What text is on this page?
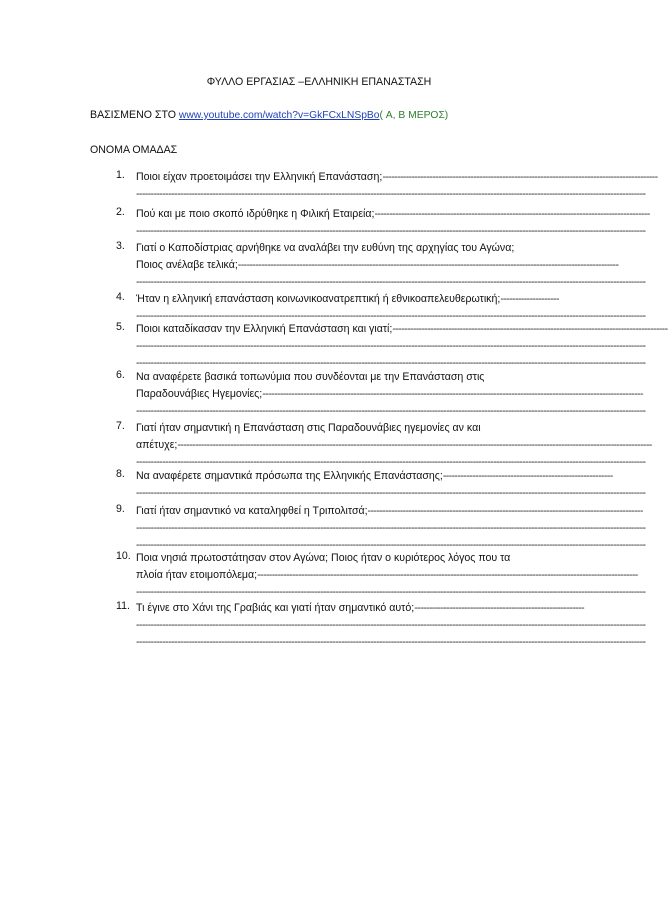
ΦΥΛΛΟ ΕΡΓΑΣΙΑΣ –ΕΛΛΗΝΙΚΗ ΕΠΑΝΑΣΤΑΣΗ
ΒΑΣΙΣΜΕΝΟ ΣΤΟ www.youtube.com/watch?v=GkFCxLNSpBo( Α, Β ΜΕΡΟΣ)
ΟΝΟΜΑ ΟΜΑΔΑΣ
1. Ποιοι είχαν προετοιμάσει την Ελληνική Επανάσταση;----------------------------------------------------------------------------------------------
------------------------------------------------------------------------------------------------------------------------------------------------------------------------------
2. Πού και με ποιο σκοπό ιδρύθηκε η Φιλική Εταιρεία;----------------------------------------------------------------------------------------------
------------------------------------------------------------------------------------------------------------------------------------------------------------------------------
3. Γιατί ο Καποδίστριας αρνήθηκε να αναλάβει την ευθύνη της αρχηγίας του Αγώνα;
Ποιος ανέλαβε τελικά;----------------------------------------------------------------------------------------------------------------------------------
------------------------------------------------------------------------------------------------------------------------------------------------------------------------------
4. Ήταν η ελληνική επανάσταση κοινωνικοανατρεπτική ή εθνικοαπελευθερωτική;--------------------
------------------------------------------------------------------------------------------------------------------------------------------------------------------------------
5. Ποιοι καταδίκασαν την Ελληνική Επανάσταση και γιατί;----------------------------------------------------------------------------------------------
------------------------------------------------------------------------------------------------------------------------------------------------------------------------------
------------------------------------------------------------------------------------------------------------------------------------------------------------------------------
6. Να αναφέρετε βασικά τοπωνύμια που συνδέονται με την Επανάσταση στις
Παραδουνάβιες Ηγεμονίες;----------------------------------------------------------------------------------------------------------------------------------
------------------------------------------------------------------------------------------------------------------------------------------------------------------------------
7. Γιατί ήταν σημαντική η Επανάσταση στις Παραδουνάβιες ηγεμονίες αν και
απέτυχε;------------------------------------------------------------------------------------------------------------------------------------------------------------------
------------------------------------------------------------------------------------------------------------------------------------------------------------------------------
8. Να αναφέρετε σημαντικά πρόσωπα της Ελληνικής Επανάστασης;----------------------------------------------------------
------------------------------------------------------------------------------------------------------------------------------------------------------------------------------
9. Γιατί ήταν σημαντικό να καταληφθεί η Τριπολιτσά;----------------------------------------------------------------------------------------------
------------------------------------------------------------------------------------------------------------------------------------------------------------------------------
------------------------------------------------------------------------------------------------------------------------------------------------------------------------------
10. Ποια νησιά πρωτοστάτησαν στον Αγώνα; Ποιος ήταν ο κυριότερος λόγος που τα
πλοία ήταν ετοιμοπόλεμα;----------------------------------------------------------------------------------------------------------------------------------
------------------------------------------------------------------------------------------------------------------------------------------------------------------------------
11. Τι έγινε στο Χάνι της Γραβιάς και γιατί ήταν σημαντικό αυτό;----------------------------------------------------------
------------------------------------------------------------------------------------------------------------------------------------------------------------------------------
------------------------------------------------------------------------------------------------------------------------------------------------------------------------------
